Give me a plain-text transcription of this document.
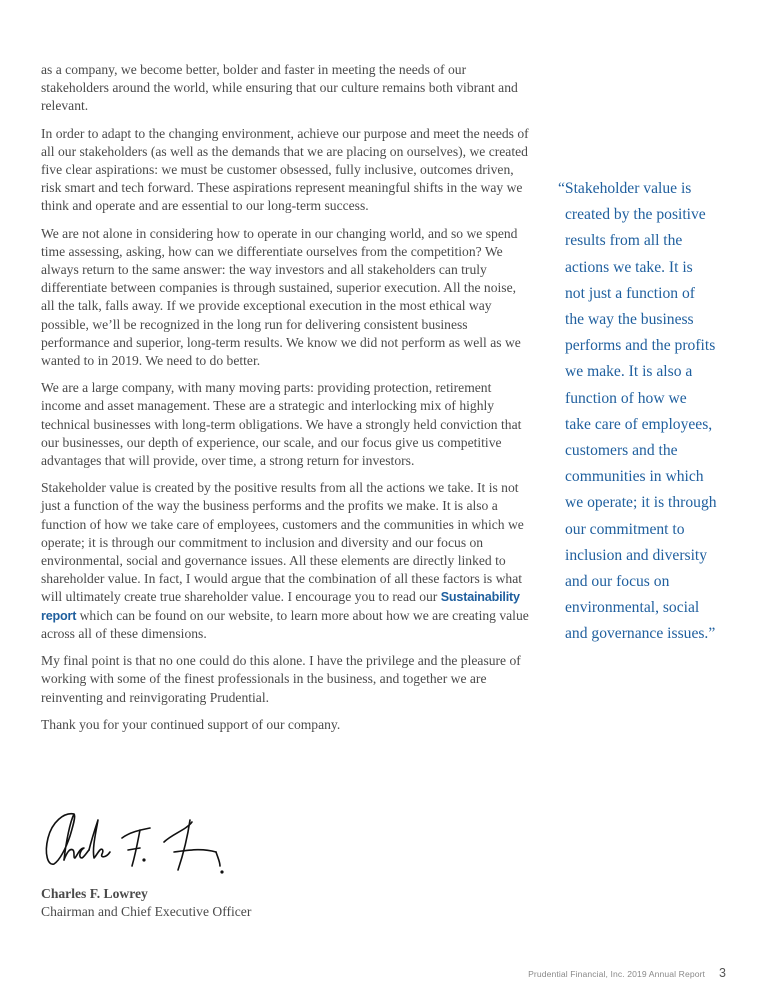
as a company, we become better, bolder and faster in meeting the needs of our stakeholders around the world, while ensuring that our culture remains both vibrant and relevant.

In order to adapt to the changing environment, achieve our purpose and meet the needs of all our stakeholders (as well as the demands that we are placing on ourselves), we created five clear aspirations: we must be customer obsessed, fully inclusive, outcomes driven, risk smart and tech forward. These aspirations represent meaningful shifts in the way we think and operate and are essential to our long-term success.

We are not alone in considering how to operate in our changing world, and so we spend time assessing, asking, how can we differentiate ourselves from the competition? We always return to the same answer: the way investors and all stakeholders can truly differentiate between companies is through sustained, superior execution. All the noise, all the talk, falls away. If we provide exceptional execution in the most ethical way possible, we’ll be recognized in the long run for delivering consistent business performance and superior, long-term results. We know we did not perform as well as we wanted to in 2019. We need to do better.

We are a large company, with many moving parts: providing protection, retirement income and asset management. These are a strategic and interlocking mix of highly technical businesses with long-term obligations. We have a strongly held conviction that our businesses, our depth of experience, our scale, and our focus give us competitive advantages that will provide, over time, a strong return for investors.

Stakeholder value is created by the positive results from all the actions we take. It is not just a function of the way the business performs and the profits we make. It is also a function of how we take care of employees, customers and the communities in which we operate; it is through our commitment to inclusion and diversity and our focus on environmental, social and governance issues. All these elements are directly linked to shareholder value. In fact, I would argue that the combination of all these factors is what will ultimately create true shareholder value. I encourage you to read our Sustainability report which can be found on our website, to learn more about how we are creating value across all of these dimensions.

My final point is that no one could do this alone. I have the privilege and the pleasure of working with some of the finest professionals in the business, and together we are reinventing and reinvigorating Prudential.

Thank you for your continued support of our company.

“Stakeholder value is
created by the positive
results from all the
actions we take. It is
not just a function of
the way the business
performs and the profits
we make. It is also a
function of how we
take care of employees,
customers and the
communities in which
we operate; it is through
our commitment to
inclusion and diversity
and our focus on
environmental, social
and governance issues.”
Charles F. Lowrey
Chairman and Chief Executive Officer
Prudential Financial, Inc. 2019 Annual Report 3
